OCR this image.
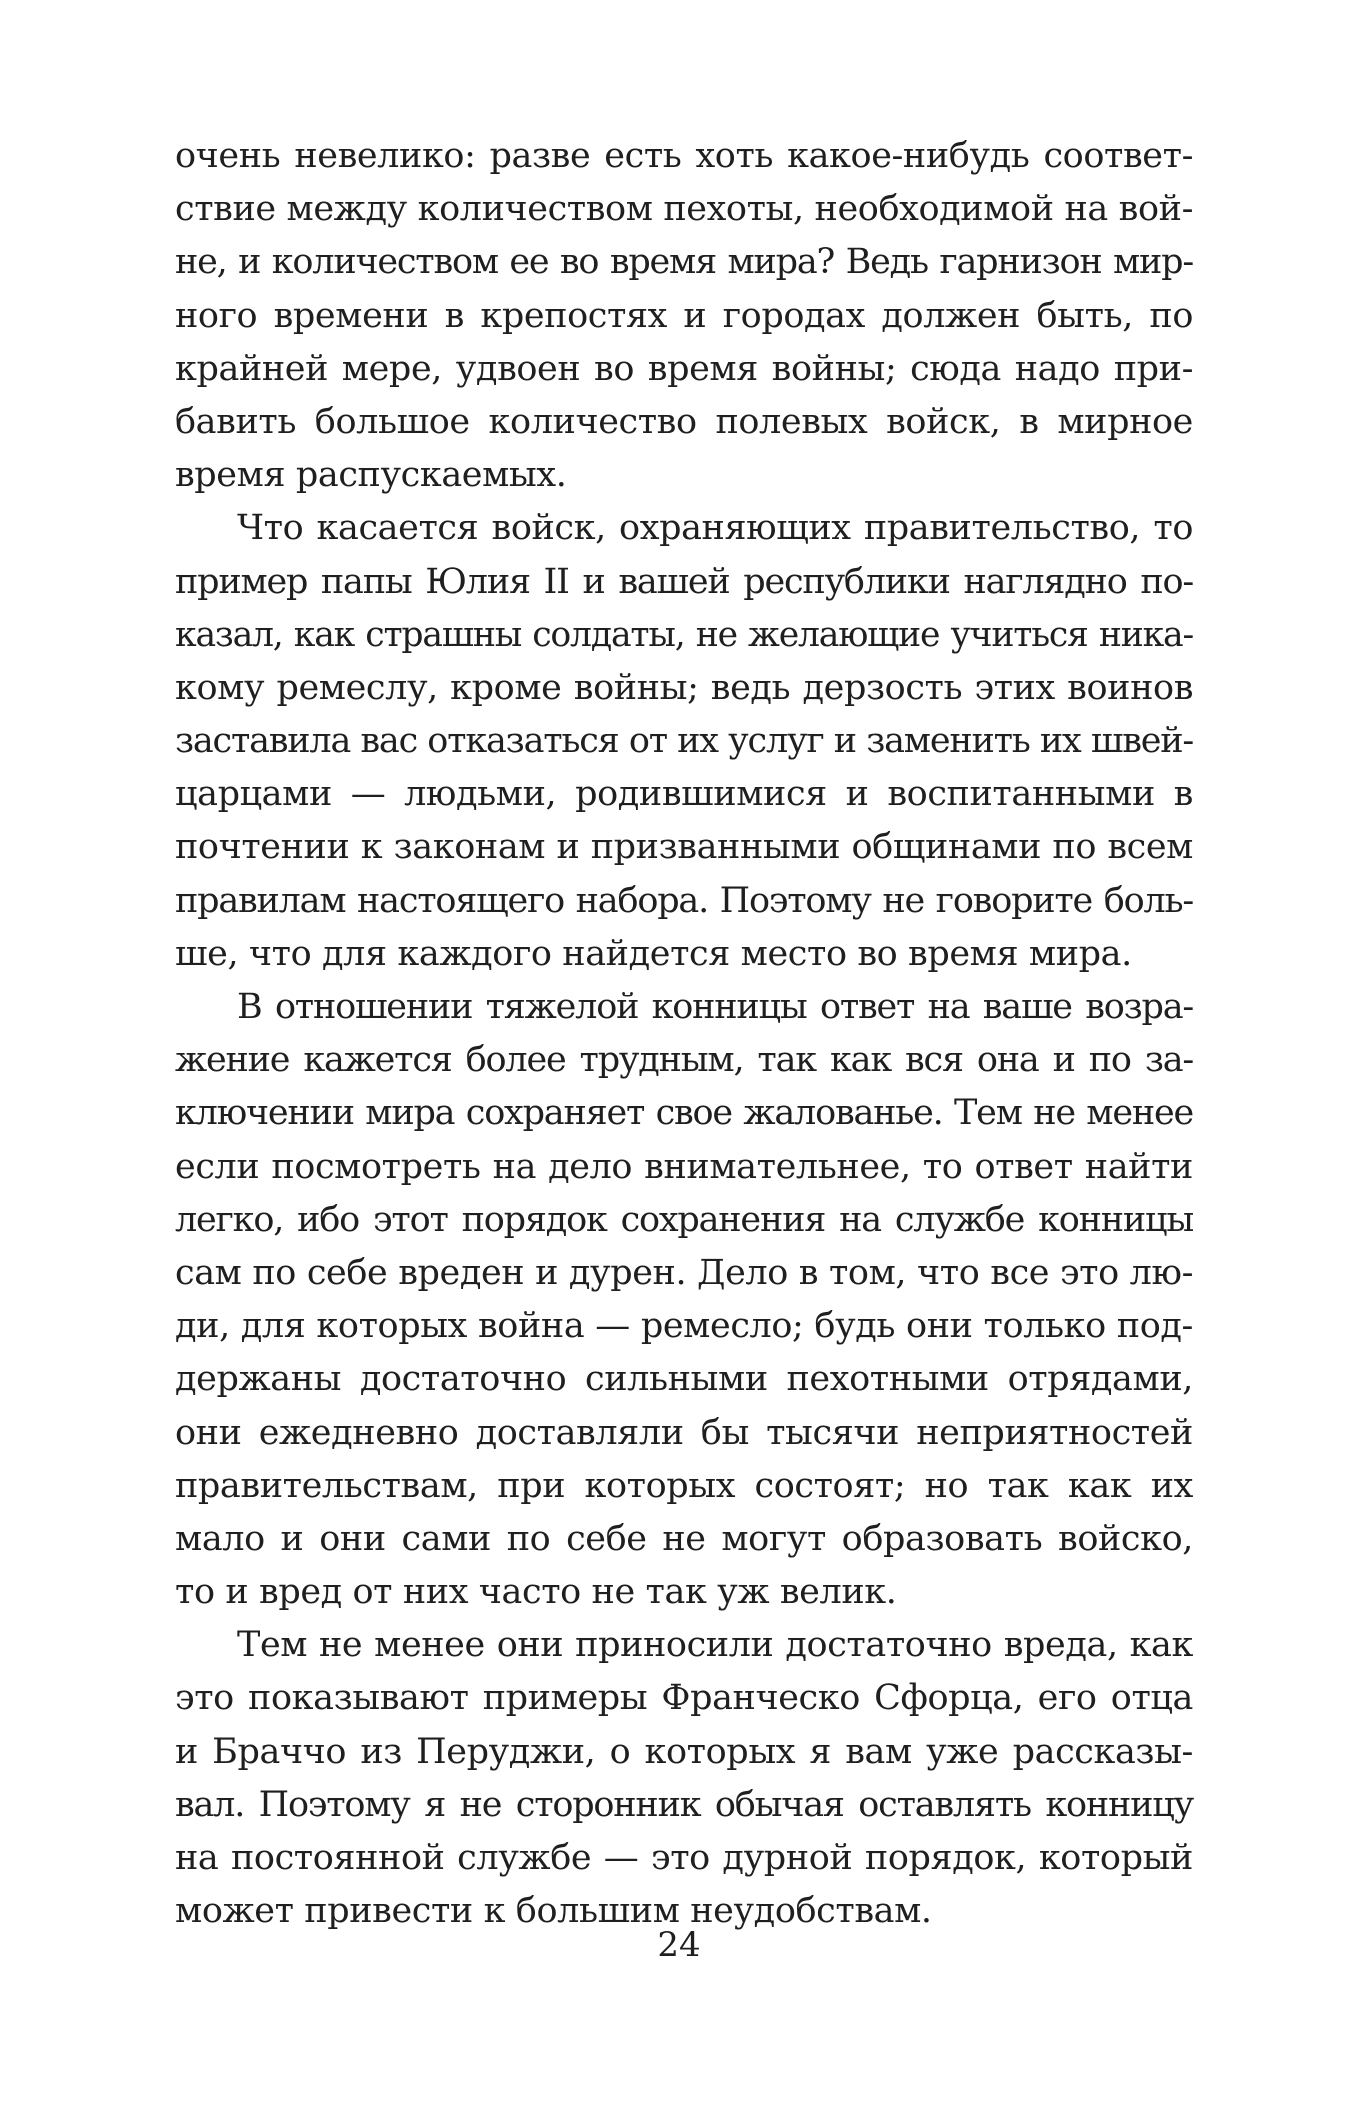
очень невелико: разве есть хоть какое-нибудь соответ-
ствие между количеством пехоты, необходимой на вой-
не, и количеством ее во время мира? Ведь гарнизон мир-
ного времени в крепостях и городах должен быть, по
крайней мере, удвоен во время войны; сюда надо при-
бавить большое количество полевых войск, в мирное
время распускаемых.
Что касается войск, охраняющих правительство, то
пример папы Юлия II и вашей республики наглядно по-
казал, как страшны солдаты, не желающие учиться ника-
кому ремеслу, кроме войны; ведь дерзость этих воинов
заставила вас отказаться от их услуг и заменить их швей-
царцами — людьми, родившимися и воспитанными в
почтении к законам и призванными общинами по всем
правилам настоящего набора. Поэтому не говорите боль-
ше, что для каждого найдется место во время мира.
В отношении тяжелой конницы ответ на ваше возра-
жение кажется более трудным, так как вся она и по за-
ключении мира сохраняет свое жалованье. Тем не менее
если посмотреть на дело внимательнее, то ответ найти
легко, ибо этот порядок сохранения на службе конницы
сам по себе вреден и дурен. Дело в том, что все это лю-
ди, для которых война — ремесло; будь они только под-
держаны достаточно сильными пехотными отрядами,
они ежедневно доставляли бы тысячи неприятностей
правительствам, при которых состоят; но так как их
мало и они сами по себе не могут образовать войско,
то и вред от них часто не так уж велик.
Тем не менее они приносили достаточно вреда, как
это показывают примеры Франческо Сфорца, его отца
и Браччо из Перуджи, о которых я вам уже рассказы-
вал. Поэтому я не сторонник обычая оставлять конницу
на постоянной службе — это дурной порядок, который
может привести к большим неудобствам.
24
